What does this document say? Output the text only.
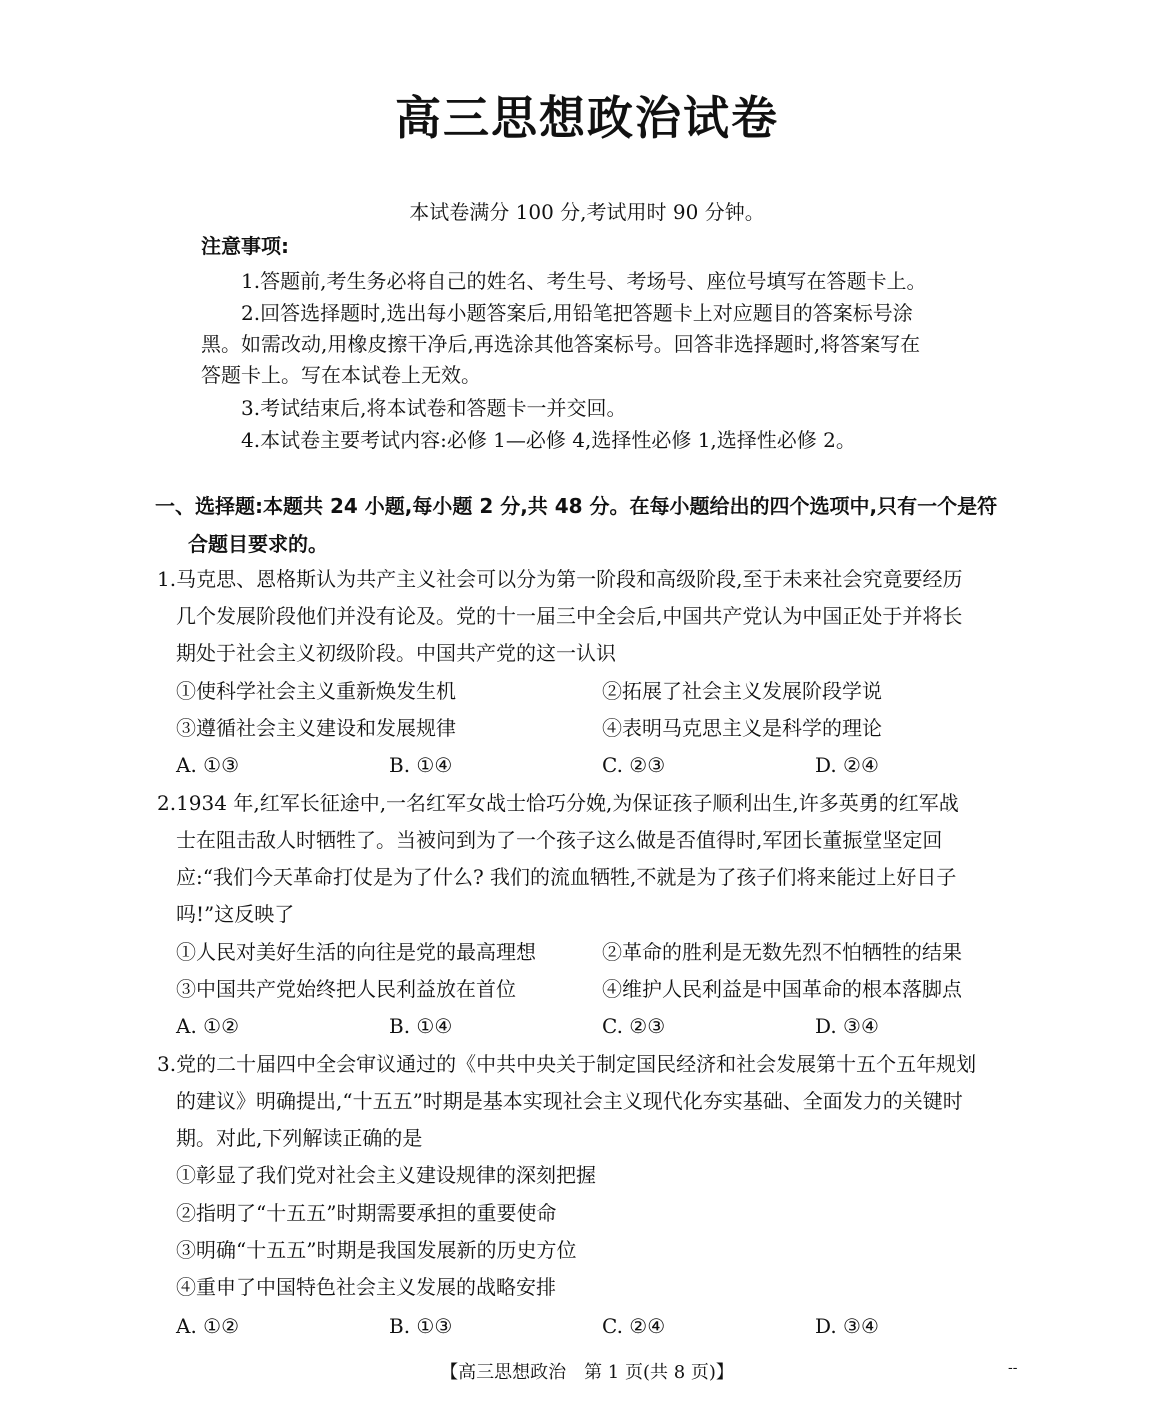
高三思想政治试卷
本试卷满分 100 分,考试用时 90 分钟。
注意事项:
1.答题前,考生务必将自己的姓名、考生号、考场号、座位号填写在答题卡上。
2.回答选择题时,选出每小题答案后,用铅笔把答题卡上对应题目的答案标号涂
黑。如需改动,用橡皮擦干净后,再选涂其他答案标号。回答非选择题时,将答案写在
答题卡上。写在本试卷上无效。
3.考试结束后,将本试卷和答题卡一并交回。
4.本试卷主要考试内容:必修 1—必修 4,选择性必修 1,选择性必修 2。
一、选择题:本题共 24 小题,每小题 2 分,共 48 分。在每小题给出的四个选项中,只有一个是符
合题目要求的。
1.马克思、恩格斯认为共产主义社会可以分为第一阶段和高级阶段,至于未来社会究竟要经历
几个发展阶段他们并没有论及。党的十一届三中全会后,中国共产党认为中国正处于并将长
期处于社会主义初级阶段。中国共产党的这一认识
①使科学社会主义重新焕发生机	②拓展了社会主义发展阶段学说
③遵循社会主义建设和发展规律	④表明马克思主义是科学的理论
A. ①③	B. ①④	C. ②③	D. ②④
2.1934 年,红军长征途中,一名红军女战士恰巧分娩,为保证孩子顺利出生,许多英勇的红军战
士在阻击敌人时牺牲了。当被问到为了一个孩子这么做是否值得时,军团长董振堂坚定回
应:“我们今天革命打仗是为了什么? 我们的流血牺牲,不就是为了孩子们将来能过上好日子
吗!”这反映了
①人民对美好生活的向往是党的最高理想	②革命的胜利是无数先烈不怕牺牲的结果
③中国共产党始终把人民利益放在首位	④维护人民利益是中国革命的根本落脚点
A. ①②	B. ①④	C. ②③	D. ③④
3.党的二十届四中全会审议通过的《中共中央关于制定国民经济和社会发展第十五个五年规划
的建议》明确提出,“十五五”时期是基本实现社会主义现代化夯实基础、全面发力的关键时
期。对此,下列解读正确的是
①彰显了我们党对社会主义建设规律的深刻把握
②指明了“十五五”时期需要承担的重要使命
③明确“十五五”时期是我国发展新的历史方位
④重申了中国特色社会主义发展的战略安排
A. ①②	B. ①③	C. ②④	D. ③④
【高三思想政治　第 1 页(共 8 页)】	--
